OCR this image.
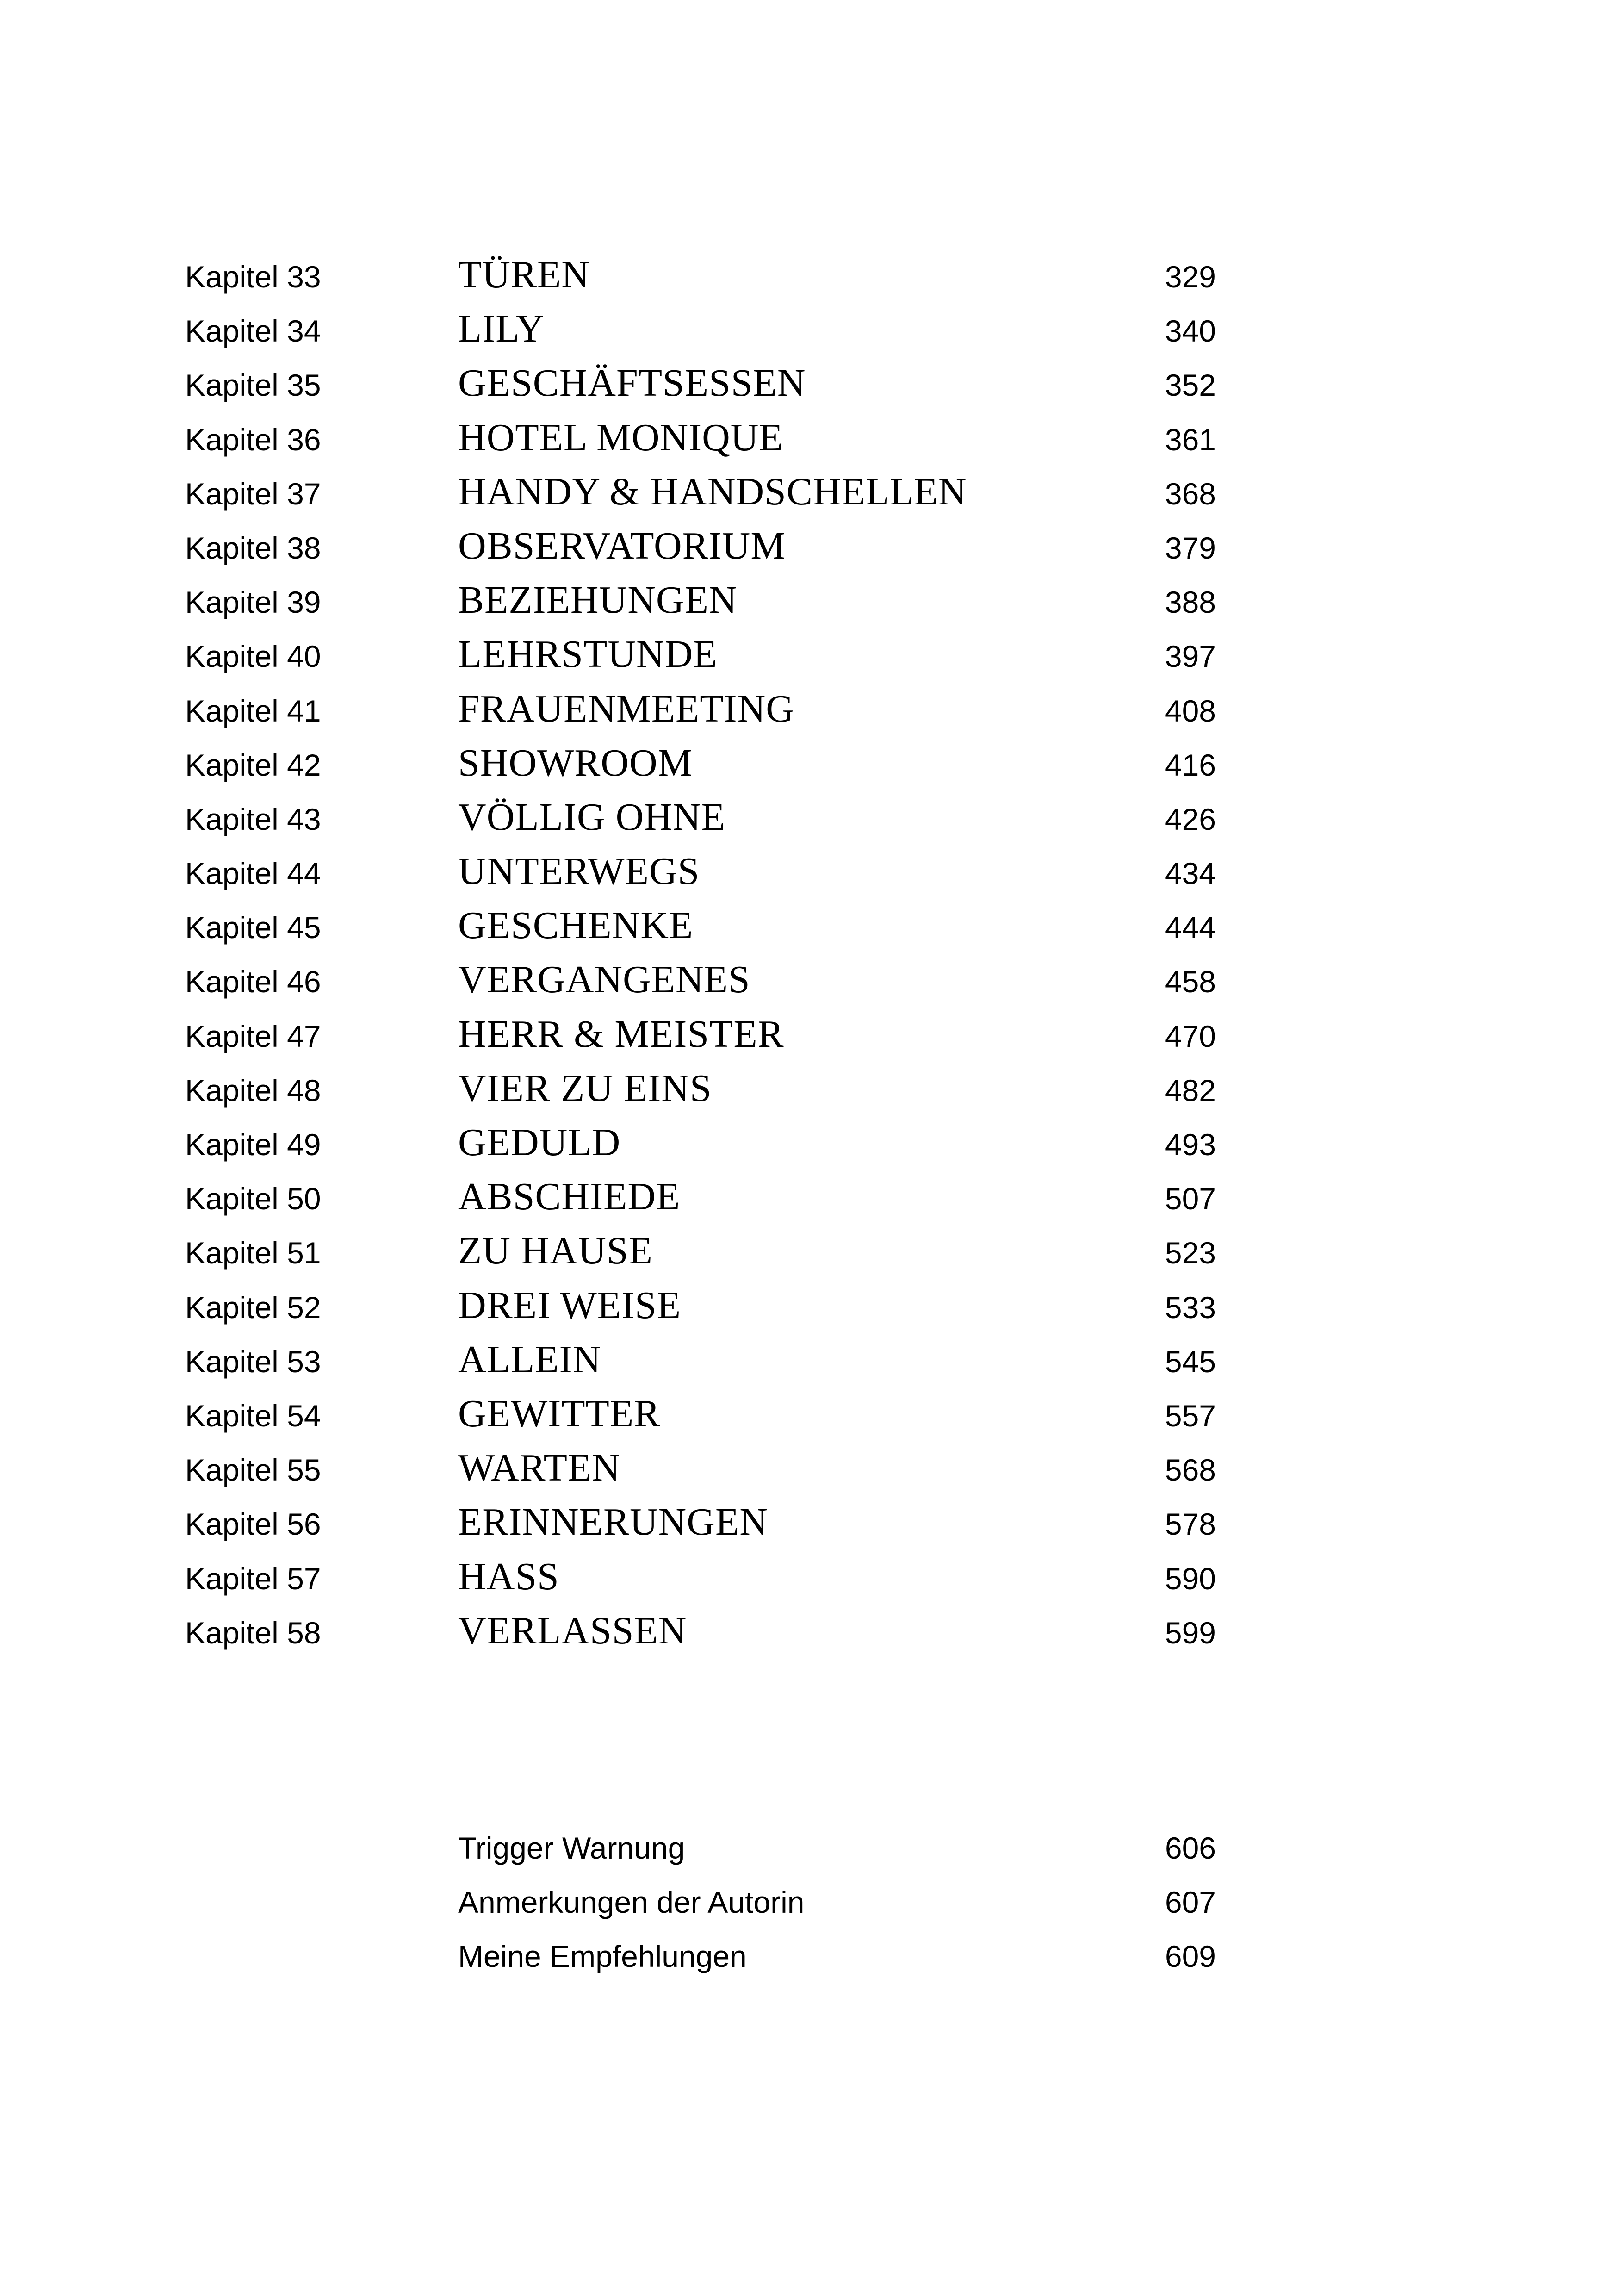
Kapitel 33	TÜREN	329
Kapitel 34	LILY	340
Kapitel 35	GESCHÄFTSESSEN	352
Kapitel 36	HOTEL MONIQUE	361
Kapitel 37	HANDY & HANDSCHELLEN	368
Kapitel 38	OBSERVATORIUM	379
Kapitel 39	BEZIEHUNGEN	388
Kapitel 40	LEHRSTUNDE	397
Kapitel 41	FRAUENMEETING	408
Kapitel 42	SHOWROOM	416
Kapitel 43	VÖLLIG OHNE	426
Kapitel 44	UNTERWEGS	434
Kapitel 45	GESCHENKE	444
Kapitel 46	VERGANGENES	458
Kapitel 47	HERR & MEISTER	470
Kapitel 48	VIER ZU EINS	482
Kapitel 49	GEDULD	493
Kapitel 50	ABSCHIEDE	507
Kapitel 51	ZU HAUSE	523
Kapitel 52	DREI WEISE	533
Kapitel 53	ALLEIN	545
Kapitel 54	GEWITTER	557
Kapitel 55	WARTEN	568
Kapitel 56	ERINNERUNGEN	578
Kapitel 57	HASS	590
Kapitel 58	VERLASSEN	599
Trigger Warnung	606
Anmerkungen der Autorin	607
Meine Empfehlungen	609
